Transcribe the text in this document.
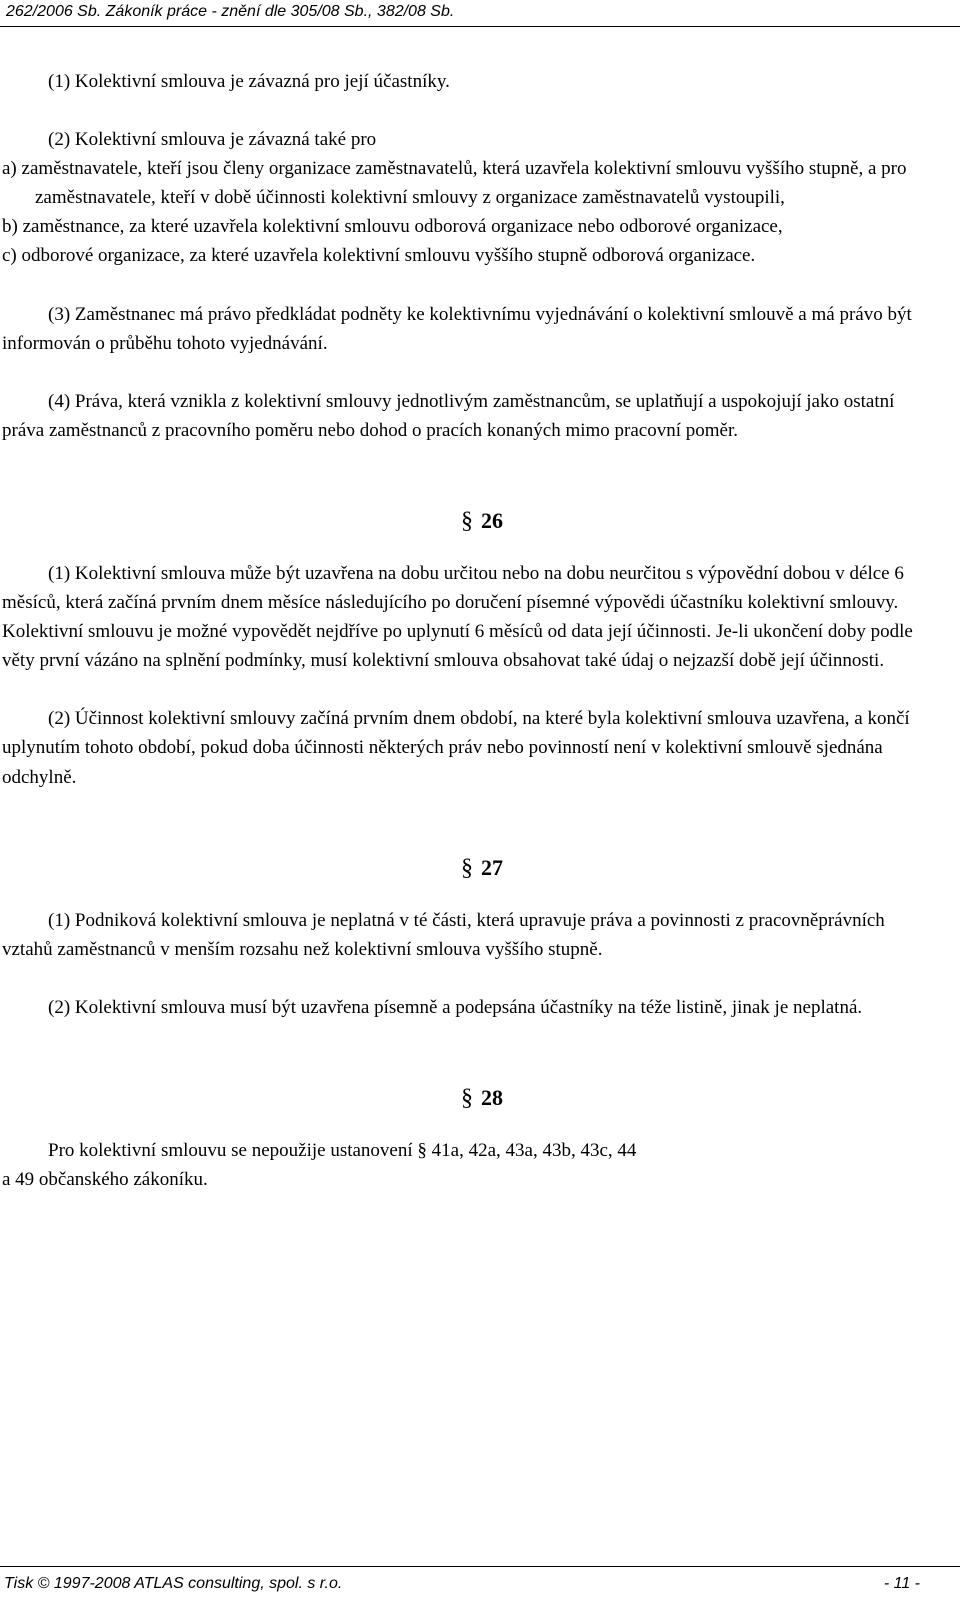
262/2006 Sb. Zákoník práce - znění dle 305/08 Sb., 382/08 Sb.

(1) Kolektivní smlouva je závazná pro její účastníky.

(2) Kolektivní smlouva je závazná také pro

a) zaměstnavatele, kteří jsou členy organizace zaměstnavatelů, která uzavřela kolektivní smlouvu vyššího stupně, a pro zaměstnavatele, kteří v době účinnosti kolektivní smlouvy z organizace zaměstnavatelů vystoupili,

b) zaměstnance, za které uzavřela kolektivní smlouvu odborová organizace nebo odborové organizace,

c) odborové organizace, za které uzavřela kolektivní smlouvu vyššího stupně odborová organizace.

(3) Zaměstnanec má právo předkládat podněty ke kolektivnímu vyjednávání o kolektivní smlouvě a má právo být informován o průběhu tohoto vyjednávání.

(4) Práva, která vznikla z kolektivní smlouvy jednotlivým zaměstnancům, se uplatňují a uspokojují jako ostatní práva zaměstnanců z pracovního poměru nebo dohod o pracích konaných mimo pracovní poměr.

§ 26

(1) Kolektivní smlouva může být uzavřena na dobu určitou nebo na dobu neurčitou s výpovědní dobou v délce 6 měsíců, která začíná prvním dnem měsíce následujícího po doručení písemné výpovědi účastníku kolektivní smlouvy. Kolektivní smlouvu je možné vypovědět nejdříve po uplynutí 6 měsíců od data její účinnosti. Je-li ukončení doby podle věty první vázáno na splnění podmínky, musí kolektivní smlouva obsahovat také údaj o nejzazší době její účinnosti.

(2) Účinnost kolektivní smlouvy začíná prvním dnem období, na které byla kolektivní smlouva uzavřena, a končí uplynutím tohoto období, pokud doba účinnosti některých práv nebo povinností není v kolektivní smlouvě sjednána odchylně.

§ 27

(1) Podniková kolektivní smlouva je neplatná v té části, která upravuje práva a povinnosti z pracovněprávních vztahů zaměstnanců v menším rozsahu než kolektivní smlouva vyššího stupně.

(2) Kolektivní smlouva musí být uzavřena písemně a podepsána účastníky na téže listině, jinak je neplatná.

§ 28

Pro kolektivní smlouvu se nepoužije ustanovení § 41a, 42a, 43a, 43b, 43c, 44

a 49 občanského zákoníku.

Tisk © 1997-2008 ATLAS consulting, spol. s r.o.	- 11 -
